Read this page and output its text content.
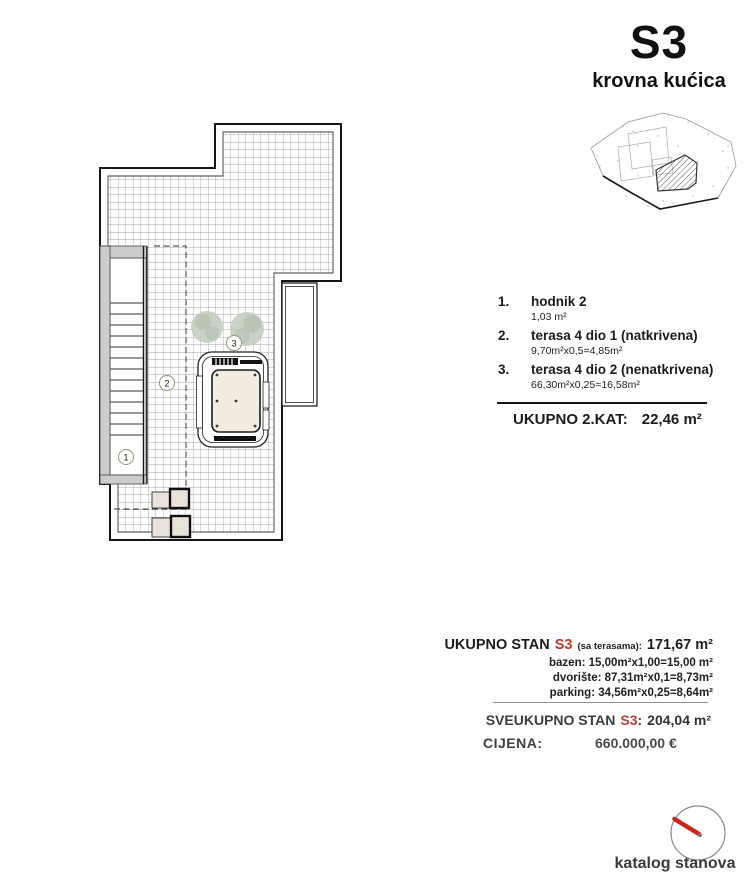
1
2
3
S3
krovna kućica
1.	hodnik 2
1,03 m²
2.	terasa 4 dio 1 (natkrivena)
9,70m²x0,5=4,85m²
3.	terasa 4 dio 2 (nenatkrivena)
66,30m²x0,25=16,58m²
UKUPNO 2.KAT: 22,46 m²
UKUPNO STAN S3 (sa terasama): 171,67 m²
bazen: 15,00m²x1,00=15,00 m²
dvorište: 87,31m²x0,1=8,73m²
parking: 34,56m²x0,25=8,64m²
SVEUKUPNO STAN S3: 204,04 m²
CIJENA:	660.000,00 €
katalog stanova
